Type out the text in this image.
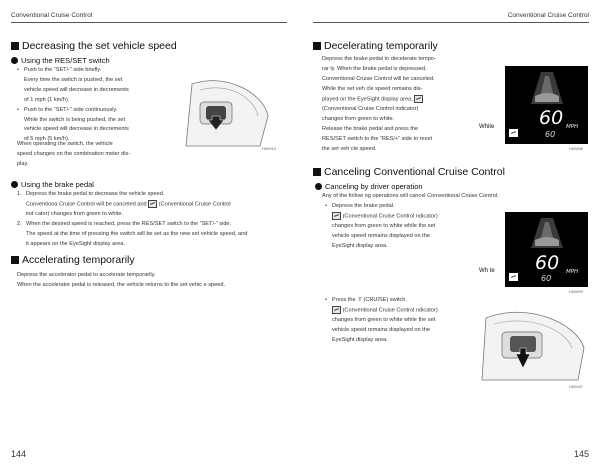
Conventional Cruise Control	Conventional Cruise Control
Decreasing the set vehicle speed
Using the RES/SET switch
• Push to the “SET/-” side briefly.
Every time the switch is pushed, the set
vehicle speed will decrease in decrements
of 1 mph (1 km/h).
• Push to the “SET/-” side continuously.
While the switch is being pushed, the set
vehicle speed will decrease in decrements
of 5 mph (5 km/h).
When operating the switch, the vehicle
speed changes on the combination meter dis-
play.
H00910
Using the brake pedal
1. Depress the brake pedal to decrease the vehicle speed.
Conventiona Cruise Control will be canceled and (Conventional Cruise Control
ind cator) changes from green to white.
2. When the desired speed is reached, press the RES/SET switch to the “SET/-” side.
The speed at the time of pressing the switch will be set as the new set vehicle speed, and
it appears on the EyeSight display area.
Accelerating temporarily
Depress the accelerator pedal to accelerate temporarily.
When the accelerator pedal is released, the vehicle returns to the set vehic e speed.
144
Decelerating temporarily
Depress the brake pedal to decelerate tempo-
rar ly. When the brake pedal is depressed,
Conventional Cruise Control will be canceled.
While the set veh cle speed remains dis-
played on the EyeSight display area,
(Conventional Cruise Control indicator)
changes from green to white.
Release the brake pedal and press the
RES/SET switch to the “RES/+” side to reset
the set veh cle speed.
60
60
MPH
White
H00896
Canceling Conventional Cruise Control
Canceling by driver operation
Any of the follow ng operations will cancel Conventional Cruise Control.
• Depress the brake pedal.
(Conventional Cruise Control ndicator)
changes from green to white while the set
vehicle speed remains displayed on the
EyeSight display area.
60
60
MPH
Wh te
H00899
• Press the ⇧̈ (CRUISE) switch.
(Conventional Cruise Control ndicator)
changes from green to white while the set
vehicle speed remains displayed on the
EyeSight display area.
H00947
145
